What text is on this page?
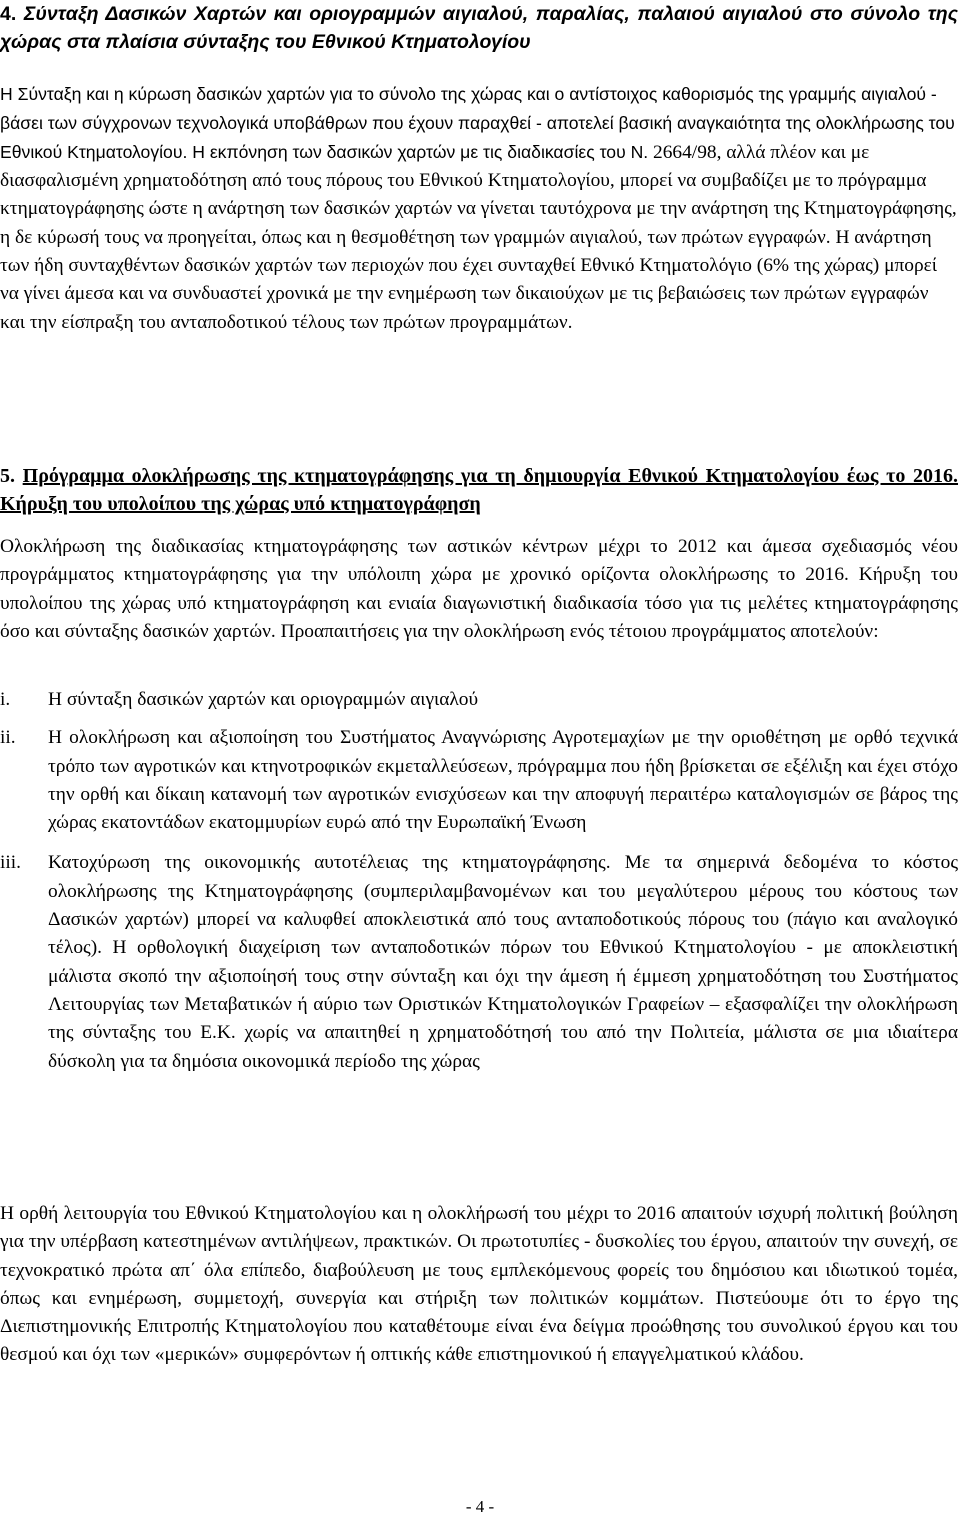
4. Σύνταξη Δασικών Χαρτών και οριογραμμών αιγιαλού, παραλίας, παλαιού αιγιαλού στο σύνολο της χώρας στα πλαίσια σύνταξης του Εθνικού Κτηματολογίου

Η Σύνταξη και η κύρωση δασικών χαρτών για το σύνολο της χώρας και ο αντίστοιχος καθορισμός της γραμμής αιγιαλού - βάσει των σύγχρονων τεχνολογικά υποβάθρων που έχουν παραχθεί - αποτελεί βασική αναγκαιότητα της ολοκλήρωσης του Εθνικού Κτηματολογίου. Η εκπόνηση των δασικών χαρτών με τις διαδικασίες του Ν. 2664/98, αλλά πλέον και με διασφαλισμένη χρηματοδότηση από τους πόρους του Εθνικού Κτηματολογίου, μπορεί να συμβαδίζει με το πρόγραμμα κτηματογράφησης ώστε η ανάρτηση των δασικών χαρτών να γίνεται ταυτόχρονα με την ανάρτηση της Κτηματογράφησης, η δε κύρωσή τους να προηγείται, όπως και η θεσμοθέτηση των γραμμών αιγιαλού, των πρώτων εγγραφών. Η ανάρτηση των ήδη συνταχθέντων δασικών χαρτών των περιοχών που έχει συνταχθεί Εθνικό Κτηματολόγιο (6% της χώρας) μπορεί να γίνει άμεσα και να συνδυαστεί χρονικά με την ενημέρωση των δικαιούχων με τις βεβαιώσεις των πρώτων εγγραφών και την είσπραξη του ανταποδοτικού τέλους των πρώτων προγραμμάτων.

5. Πρόγραμμα ολοκλήρωσης της κτηματογράφησης για τη δημιουργία Εθνικού Κτηματολογίου έως το 2016. Κήρυξη του υπολοίπου της χώρας υπό κτηματογράφηση

Ολοκλήρωση της διαδικασίας κτηματογράφησης των αστικών κέντρων μέχρι το 2012 και άμεσα σχεδιασμός νέου προγράμματος κτηματογράφησης για την υπόλοιπη χώρα με χρονικό ορίζοντα ολοκλήρωσης το 2016. Κήρυξη του υπολοίπου της χώρας υπό κτηματογράφηση και ενιαία διαγωνιστική διαδικασία τόσο για τις μελέτες κτηματογράφησης όσο και σύνταξης δασικών χαρτών. Προαπαιτήσεις για την ολοκλήρωση ενός τέτοιου προγράμματος αποτελούν:

i.	Η σύνταξη δασικών χαρτών και οριογραμμών αιγιαλού
ii.	Η ολοκλήρωση και αξιοποίηση του Συστήματος Αναγνώρισης Αγροτεμαχίων με την οριοθέτηση με ορθό τεχνικά τρόπο των αγροτικών και κτηνοτροφικών εκμεταλλεύσεων, πρόγραμμα που ήδη βρίσκεται σε εξέλιξη και έχει στόχο την ορθή και δίκαιη κατανομή των αγροτικών ενισχύσεων και την αποφυγή περαιτέρω καταλογισμών σε βάρος της χώρας εκατοντάδων εκατομμυρίων ευρώ από την Ευρωπαϊκή Ένωση
iii.	Κατοχύρωση της οικονομικής αυτοτέλειας της κτηματογράφησης. Με τα σημερινά δεδομένα το κόστος ολοκλήρωσης της Κτηματογράφησης (συμπεριλαμβανομένων και του μεγαλύτερου μέρους του κόστους των Δασικών χαρτών) μπορεί να καλυφθεί αποκλειστικά από τους ανταποδοτικούς πόρους του (πάγιο και αναλογικό τέλος). Η ορθολογική διαχείριση των ανταποδοτικών πόρων του Εθνικού Κτηματολογίου - με αποκλειστική μάλιστα σκοπό την αξιοποίησή τους στην σύνταξη και όχι την άμεση ή έμμεση χρηματοδότηση του Συστήματος Λειτουργίας των Μεταβατικών ή αύριο των Οριστικών Κτηματολογικών Γραφείων – εξασφαλίζει την ολοκλήρωση της σύνταξης του Ε.Κ. χωρίς να απαιτηθεί η χρηματοδότησή του από την Πολιτεία, μάλιστα σε μια ιδιαίτερα δύσκολη για τα δημόσια οικονομικά περίοδο της χώρας

Η ορθή λειτουργία του Εθνικού Κτηματολογίου και η ολοκλήρωσή του μέχρι το 2016 απαιτούν ισχυρή πολιτική βούληση για την υπέρβαση κατεστημένων αντιλήψεων, πρακτικών. Οι πρωτοτυπίες - δυσκολίες του έργου, απαιτούν την συνεχή, σε τεχνοκρατικό πρώτα απ΄ όλα επίπεδο, διαβούλευση με τους εμπλεκόμενους φορείς του δημόσιου και ιδιωτικού τομέα, όπως και ενημέρωση, συμμετοχή, συνεργία και στήριξη των πολιτικών κομμάτων. Πιστεύουμε ότι το έργο της Διεπιστημονικής Επιτροπής Κτηματολογίου που καταθέτουμε είναι ένα δείγμα προώθησης του συνολικού έργου και του θεσμού και όχι των «μερικών» συμφερόντων ή οπτικής κάθε επιστημονικού ή επαγγελματικού κλάδου.

- 4 -
